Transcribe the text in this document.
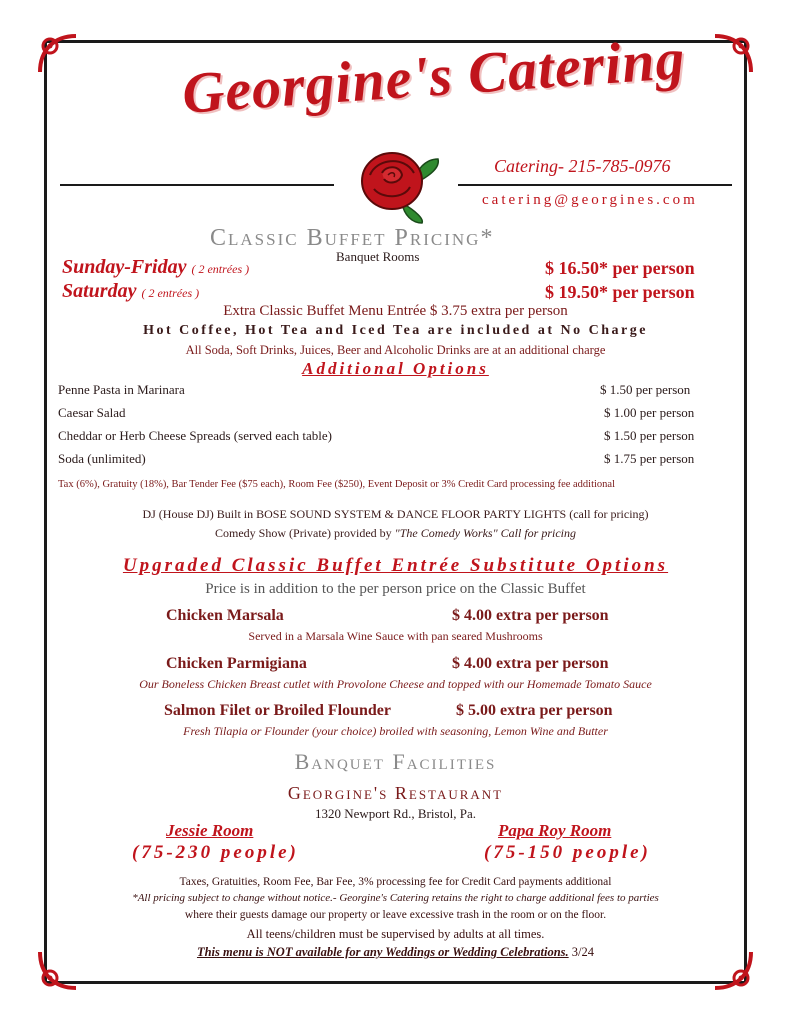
Georgine's Catering
Catering- 215-785-0976
catering@georgines.com
Classic Buffet Pricing*
Banquet Rooms
Sunday-Friday ( 2 entrées )	$ 16.50* per person
Saturday ( 2 entrées )	$ 19.50* per person
Extra Classic Buffet Menu Entrée $ 3.75 extra per person
Hot Coffee, Hot Tea and Iced Tea are included at No Charge
All Soda, Soft Drinks, Juices, Beer and Alcoholic Drinks are at an additional charge
Additional Options
Penne Pasta in Marinara	$ 1.50 per person
Caesar Salad	$ 1.00 per person
Cheddar or Herb Cheese Spreads (served each table)	$ 1.50 per person
Soda (unlimited)	$ 1.75 per person
Tax (6%), Gratuity (18%), Bar Tender Fee ($75 each), Room Fee ($250), Event Deposit or 3% Credit Card processing fee additional
DJ (House DJ) Built in BOSE SOUND SYSTEM & DANCE FLOOR PARTY LIGHTS (call for pricing)
Comedy Show (Private) provided by "The Comedy Works" Call for pricing
Upgraded Classic Buffet Entrée Substitute Options
Price is in addition to the per person price on the Classic Buffet
Chicken Marsala	$ 4.00 extra per person
Served in a Marsala Wine Sauce with pan seared Mushrooms
Chicken Parmigiana	$ 4.00 extra per person
Our Boneless Chicken Breast cutlet with Provolone Cheese and topped with our Homemade Tomato Sauce
Salmon Filet or Broiled Flounder	$ 5.00 extra per person
Fresh Tilapia or Flounder (your choice) broiled with seasoning, Lemon Wine and Butter
Banquet Facilities
Georgine's Restaurant
1320 Newport Rd., Bristol, Pa.
Jessie Room
(75-230 people)
Papa Roy Room
(75-150 people)
Taxes, Gratuities, Room Fee, Bar Fee, 3% processing fee for Credit Card payments additional
*All pricing subject to change without notice.- Georgine's Catering retains the right to charge additional fees to parties
where their guests damage our property or leave excessive trash in the room or on the floor.
All teens/children must be supervised by adults at all times.
This menu is NOT available for any Weddings or Wedding Celebrations. 3/24
